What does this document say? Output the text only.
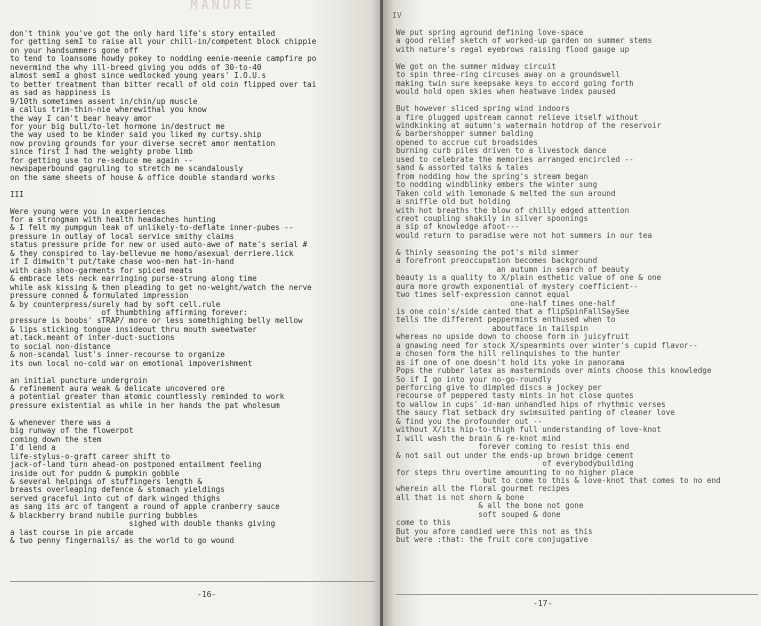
MANURE
don't think you've got the only hard life's story entailed
for getting semI to raise all your chill-in/competent block chippie
on your handsummers gone off
to tend to loansome howdy pokey to nodding eenie-meenie campfire po
nevermind the why ill-breed giving you odds of 30-to-40
almost semI a ghost since wedlocked young years' I.O.U.s
to better treatment than bitter recall of old coin flipped over tai
as sad as happiness is
9/10th sometimes assent in/chin/up muscle
a callus trim-thin-nie wherewithal you know
the way I can't bear heavy amor
for your big bull/to-let hormone in/destruct me
the way used to be kinder said you liked my curtsy.ship
now proving grounds for your diverse secret amor mentation
since first I had the weighty probe limb
for getting use to re-seduce me again --
newspaperbound gagruling to stretch me scandalously
on the same sheets of house & office double standard works

III

Were young were you in experiences
for a strongman with health headaches hunting
& I felt my pumpgun leak of unlikely-to-deflate inner-pubes --
pressure in outlay of local service smithy claims
status pressure pride for new or used auto-awe of mate's serial #
& they conspired to lay-bellevue me homo/asexual derriere.lick
if I dimwitn't put/take chase woo-men hat-in-hand
with cash shoo-garments for spiced meats
& embrace lets neck earringing purse-strung along time
while ask kissing & then pleading to get no-weight/watch the nerve
pressure conned & formulated impression
& by counterpress/surely had by soft cell.rule
of thumbthing affirming forever:
pressure is boobs' sTRAP/ more or less somethighing belly mellow
& lips sticking tongue insideout thru mouth sweetwater
at.tack.meant of inter-duct-suctions
to social non-distance
& non-scandal lust's inner-recourse to organize
its own local no-cold war on emotional impoverishment

an initial puncture undergroin
& refinement aura weak & delicate uncovered ore
a potential greater than atomic countlessly reminded to work
pressure existential as while in her hands the pat wholesum

& whenever there was a
big runway of the flowerpot
coming down the stem
I'd lend a
life-stylus-o-graft career shift to
jack-of-land turn ahead-on postponed entailment feeling
inside out for puddn & pumpkin gobble
& several helpings of stuffingers length &
breasts overleaping defence & stomach yieldings
served graceful into cut of dark winged thighs
as sang its arc of tangent a round of apple cranberry sauce
& blackberry brand nubile purring bubbles
sighed with double thanks giving
a last course in pie arcade
& two penny fingernails/ as the world to go wound
-16-
IV
We put spring aground defining love-space
a good relief sketch of worked-up garden on summer stems
with nature's regal eyebrows raising flood gauge up

We got on the summer midway circuit
to spin three-ring circuses away on a groundswell
making twin sure keepsake keys to accord going forth
would hold open skies when heatwave index paused

But however sliced spring wind indoors
a fire plugged upstream cannot relieve itself without
windkinking at autumn's watermain hotdrop of the reservoir
& barbershopper summer balding
opened to accrue cut broadsides
burning curb piles driven to a livestock dance
used to celebrate the memories arranged encircled --
sand & assorted talks & tales
from nodding how the spring's stream began
to nodding windblinky embers the winter sung
Taken cold with lemonade & melted the sun around
a sniffle old but holding
with hot breaths the blow of chilly edged attention
creot coupling shakily in silver spoonings
a sip of knowledge afoot---
would return to paradise were not hot summers in our tea

& thinly seasoning the pot's mild simmer
a forefront preoccupation becomes background
an autumn in search of beauty
beauty is a quality to X/plain esthetic value of one & one
aura more growth exponential of mystery coefficient--
two times self-expression cannot equal
one-half times one-half
is one coin's/side canted that a flipSpinFallSaySee
tells the different peppermints enthused when to
aboutface in tailspin
whereas no upside down to choose form in juicyfruit
a gnawing need for stock X/spearmints over winter's cupid flavor--
a chosen form the hill relinquishes to the hunter
as if one of one doesn't hold its yoke in panorama
Pops the rubber latex as masterminds over mints choose this knowledge
So if I go into your no-go-roundly
perforcing give to dimpled discs a jockey per
recourse of peppered tasty mints in hot close quotes
to wallow in cups' id-man unhandled hips of rhythmic verses
the saucy flat setback dry swimsuited panting of cleaner love
& find you the profounder out --
without X/its hip-to-thigh full understanding of love-knot
I will wash the brain & re-knot mind
forever coming to resist this end
& not sail out under the ends-up brown bridge cement
of everybodybuilding
for steps thru overtime amounting to no higher place
but to come to this & love-knot that comes to no end
wherein all the floral gourmet recipes
all that is not shorn & bone
& all the bone not gone
soft souped & done
come to this
But you afore candied were this not as this
but were :that: the fruit core conjugative
-17-
